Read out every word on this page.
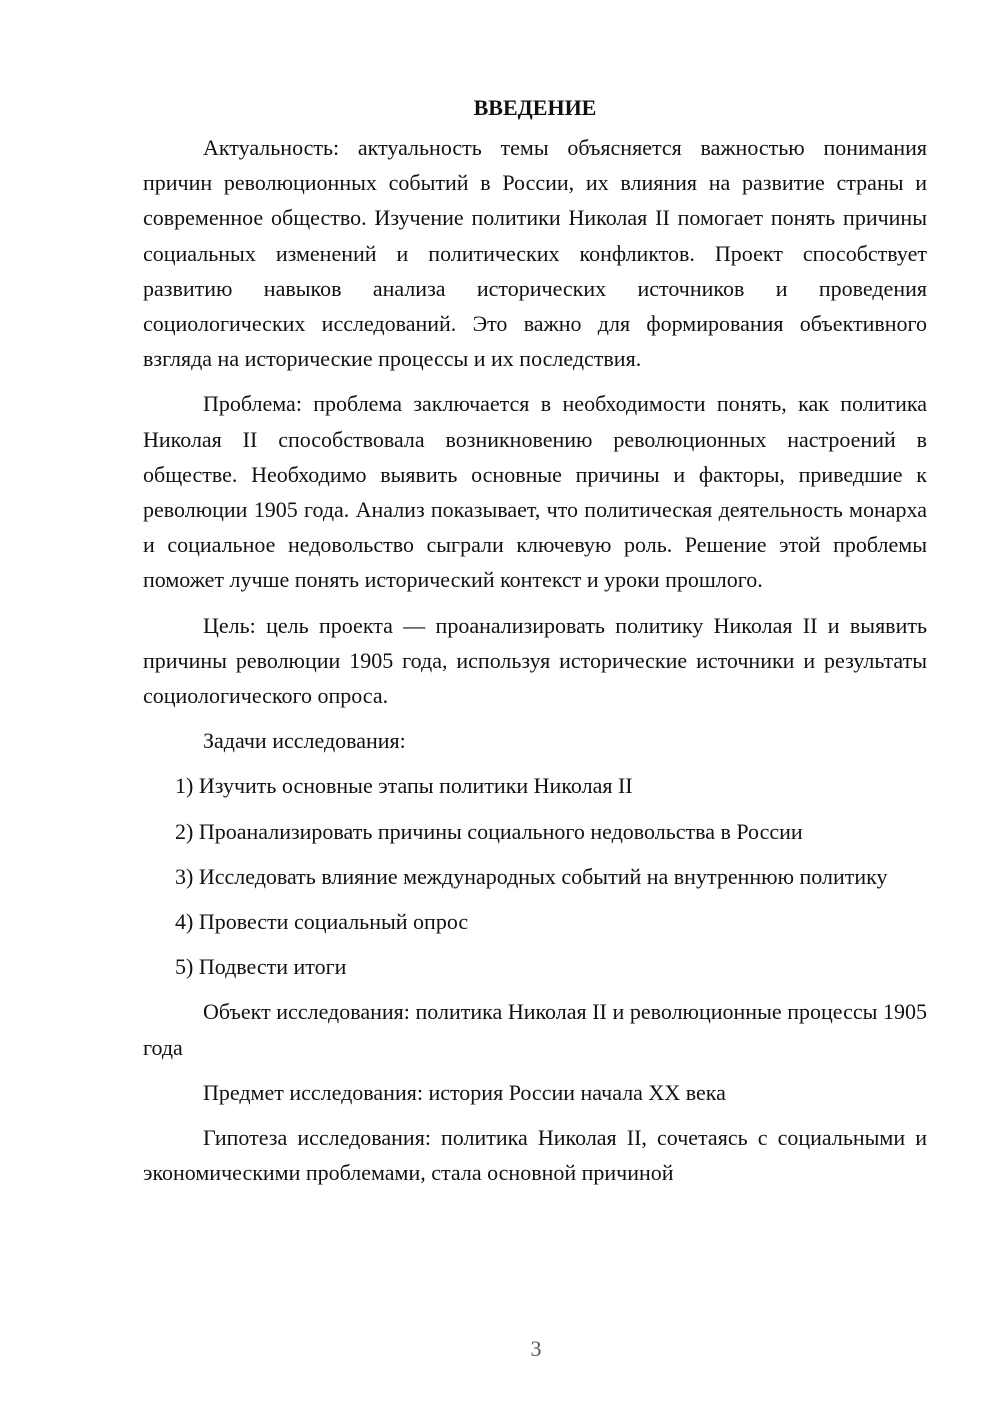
ВВЕДЕНИЕ

Актуальность: актуальность темы объясняется важностью понимания причин революционных событий в России, их влияния на развитие страны и современное общество. Изучение политики Николая II помогает понять причины социальных изменений и политических конфликтов. Проект способствует развитию навыков анализа исторических источников и проведения социологических исследований. Это важно для формирования объективного взгляда на исторические процессы и их последствия.

Проблема: проблема заключается в необходимости понять, как политика Николая II способствовала возникновению революционных настроений в обществе. Необходимо выявить основные причины и факторы, приведшие к революции 1905 года. Анализ показывает, что политическая деятельность монарха и социальное недовольство сыграли ключевую роль. Решение этой проблемы поможет лучше понять исторический контекст и уроки прошлого.

Цель: цель проекта — проанализировать политику Николая II и выявить причины революции 1905 года, используя исторические источники и результаты социологического опроса.

Задачи исследования:

1) Изучить основные этапы политики Николая II

2) Проанализировать причины социального недовольства в России

3) Исследовать влияние международных событий на внутреннюю политику

4) Провести социальный опрос

5) Подвести итоги

Объект исследования: политика Николая II и революционные процессы 1905 года

Предмет исследования: история России начала XX века

Гипотеза исследования: политика Николая II, сочетаясь с социальными и экономическими проблемами, стала основной причиной

3
